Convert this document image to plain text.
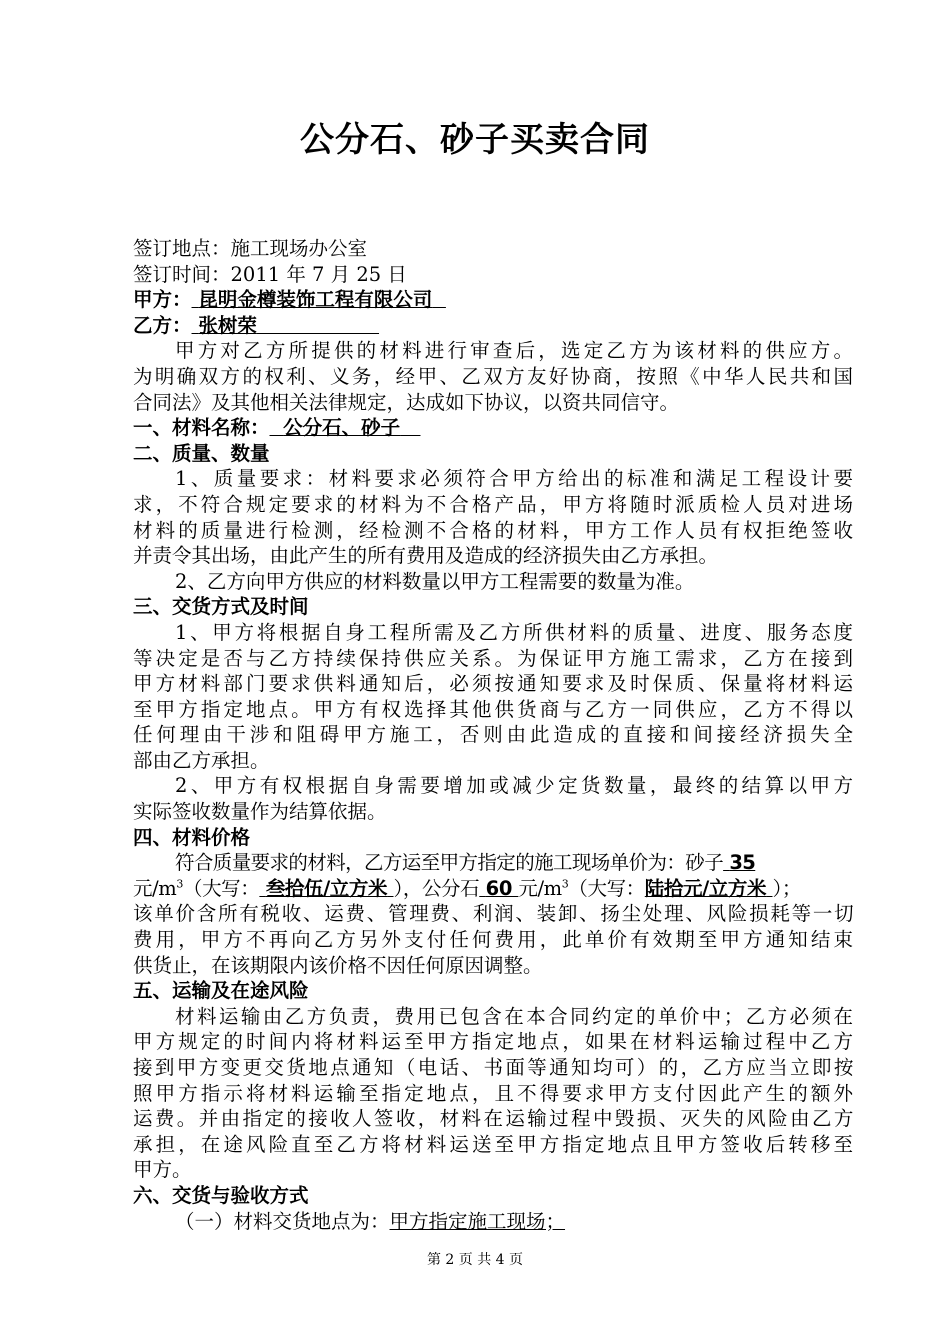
公分石、砂子买卖合同
签订地点：施工现场办公室
签订时间：2011 年 7 月 25 日
甲方： 昆明金樽装饰工程有限公司
乙方： 张树荣
甲方对乙方所提供的材料进行审查后，选定乙方为该材料的供应方。
为明确双方的权利、义务，经甲、乙双方友好协商，按照《中华人民共和国
合同法》及其他相关法律规定，达成如下协议，以资共同信守。
一、材料名称： 公分石、砂子
二、质量、数量
1、质量要求：材料要求必须符合甲方给出的标准和满足工程设计要
求，不符合规定要求的材料为不合格产品，甲方将随时派质检人员对进场
材料的质量进行检测，经检测不合格的材料，甲方工作人员有权拒绝签收
并责令其出场，由此产生的所有费用及造成的经济损失由乙方承担。
2、乙方向甲方供应的材料数量以甲方工程需要的数量为准。
三、交货方式及时间
1、甲方将根据自身工程所需及乙方所供材料的质量、进度、服务态度
等决定是否与乙方持续保持供应关系。为保证甲方施工需求，乙方在接到
甲方材料部门要求供料通知后，必须按通知要求及时保质、保量将材料运
至甲方指定地点。甲方有权选择其他供货商与乙方一同供应，乙方不得以
任何理由干涉和阻碍甲方施工，否则由此造成的直接和间接经济损失全
部由乙方承担。
2、甲方有权根据自身需要增加或减少定货数量，最终的结算以甲方
实际签收数量作为结算依据。
四、材料价格
符合质量要求的材料，乙方运至甲方指定的施工现场单价为：砂子 35
元$/m^3$（大写： 叁拾伍/立方米 ），公分石 60 元$/m^3$（大写：陆拾元/立方米 ）；
该单价含所有税收、运费、管理费、利润、装卸、扬尘处理、风险损耗等一切
费用，甲方不再向乙方另外支付任何费用，此单价有效期至甲方通知结束
供货止，在该期限内该价格不因任何原因调整。
五、运输及在途风险
材料运输由乙方负责，费用已包含在本合同约定的单价中；乙方必须在
甲方规定的时间内将材料运至甲方指定地点，如果在材料运输过程中乙方
接到甲方变更交货地点通知（电话、书面等通知均可）的，乙方应当立即按
照甲方指示将材料运输至指定地点，且不得要求甲方支付因此产生的额外
运费。并由指定的接收人签收，材料在运输过程中毁损、灭失的风险由乙方
承担，在途风险直至乙方将材料运送至甲方指定地点且甲方签收后转移至
甲方。
六、交货与验收方式
（一）材料交货地点为：甲方指定施工现场；
第 2 页 共 4 页
